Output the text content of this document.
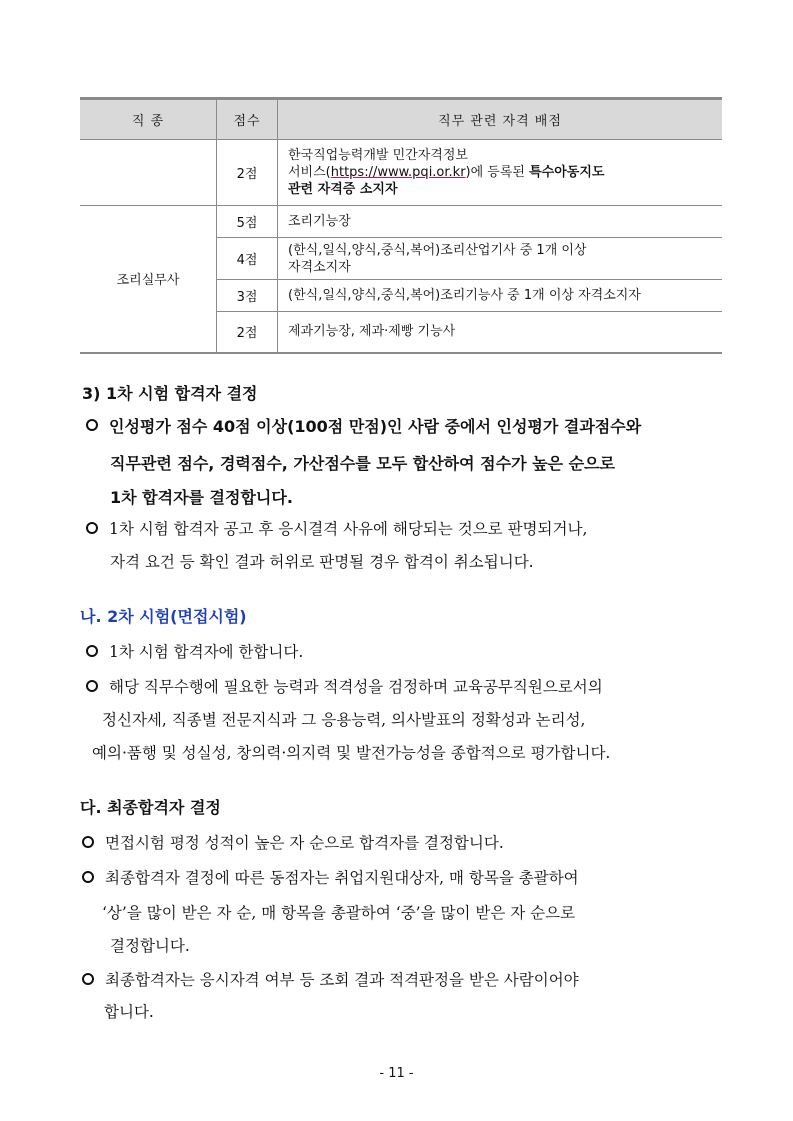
직 종	점수	직무 관련 자격 배점
	2점	한국직업능력개발 민간자격정보
서비스(https://www.pqi.or.kr)에 등록된 특수아동지도
관련 자격증 소지자

조리실무사	5점	조리기능장
	4점	(한식,일식,양식,중식,복어)조리산업기사 중 1개 이상
자격소지자

	3점	(한식,일식,양식,중식,복어)조리기능사 중 1개 이상 자격소지자
	2점	제과기능장, 제과·제빵 기능사
3) 1차 시험 합격자 결정
인성평가 점수 40점 이상(100점 만점)인 사람 중에서 인성평가 결과점수와
직무관련 점수, 경력점수, 가산점수를 모두 합산하여 점수가 높은 순으로
1차 합격자를 결정합니다.
1차 시험 합격자 공고 후 응시결격 사유에 해당되는 것으로 판명되거나,
자격 요건 등 확인 결과 허위로 판명될 경우 합격이 취소됩니다.
나. 2차 시험(면접시험)
1차 시험 합격자에 한합니다.
해당 직무수행에 필요한 능력과 적격성을 검정하며 교육공무직원으로서의
정신자세, 직종별 전문지식과 그 응용능력, 의사발표의 정확성과 논리성,
예의·품행 및 성실성, 창의력·의지력 및 발전가능성을 종합적으로 평가합니다.
다. 최종합격자 결정
면접시험 평정 성적이 높은 자 순으로 합격자를 결정합니다.
최종합격자 결정에 따른 동점자는 취업지원대상자, 매 항목을 총괄하여
‘상’을 많이 받은 자 순, 매 항목을 총괄하여 ‘중’을 많이 받은 자 순으로
결정합니다.
최종합격자는 응시자격 여부 등 조회 결과 적격판정을 받은 사람이어야
합니다.
- 11 -
